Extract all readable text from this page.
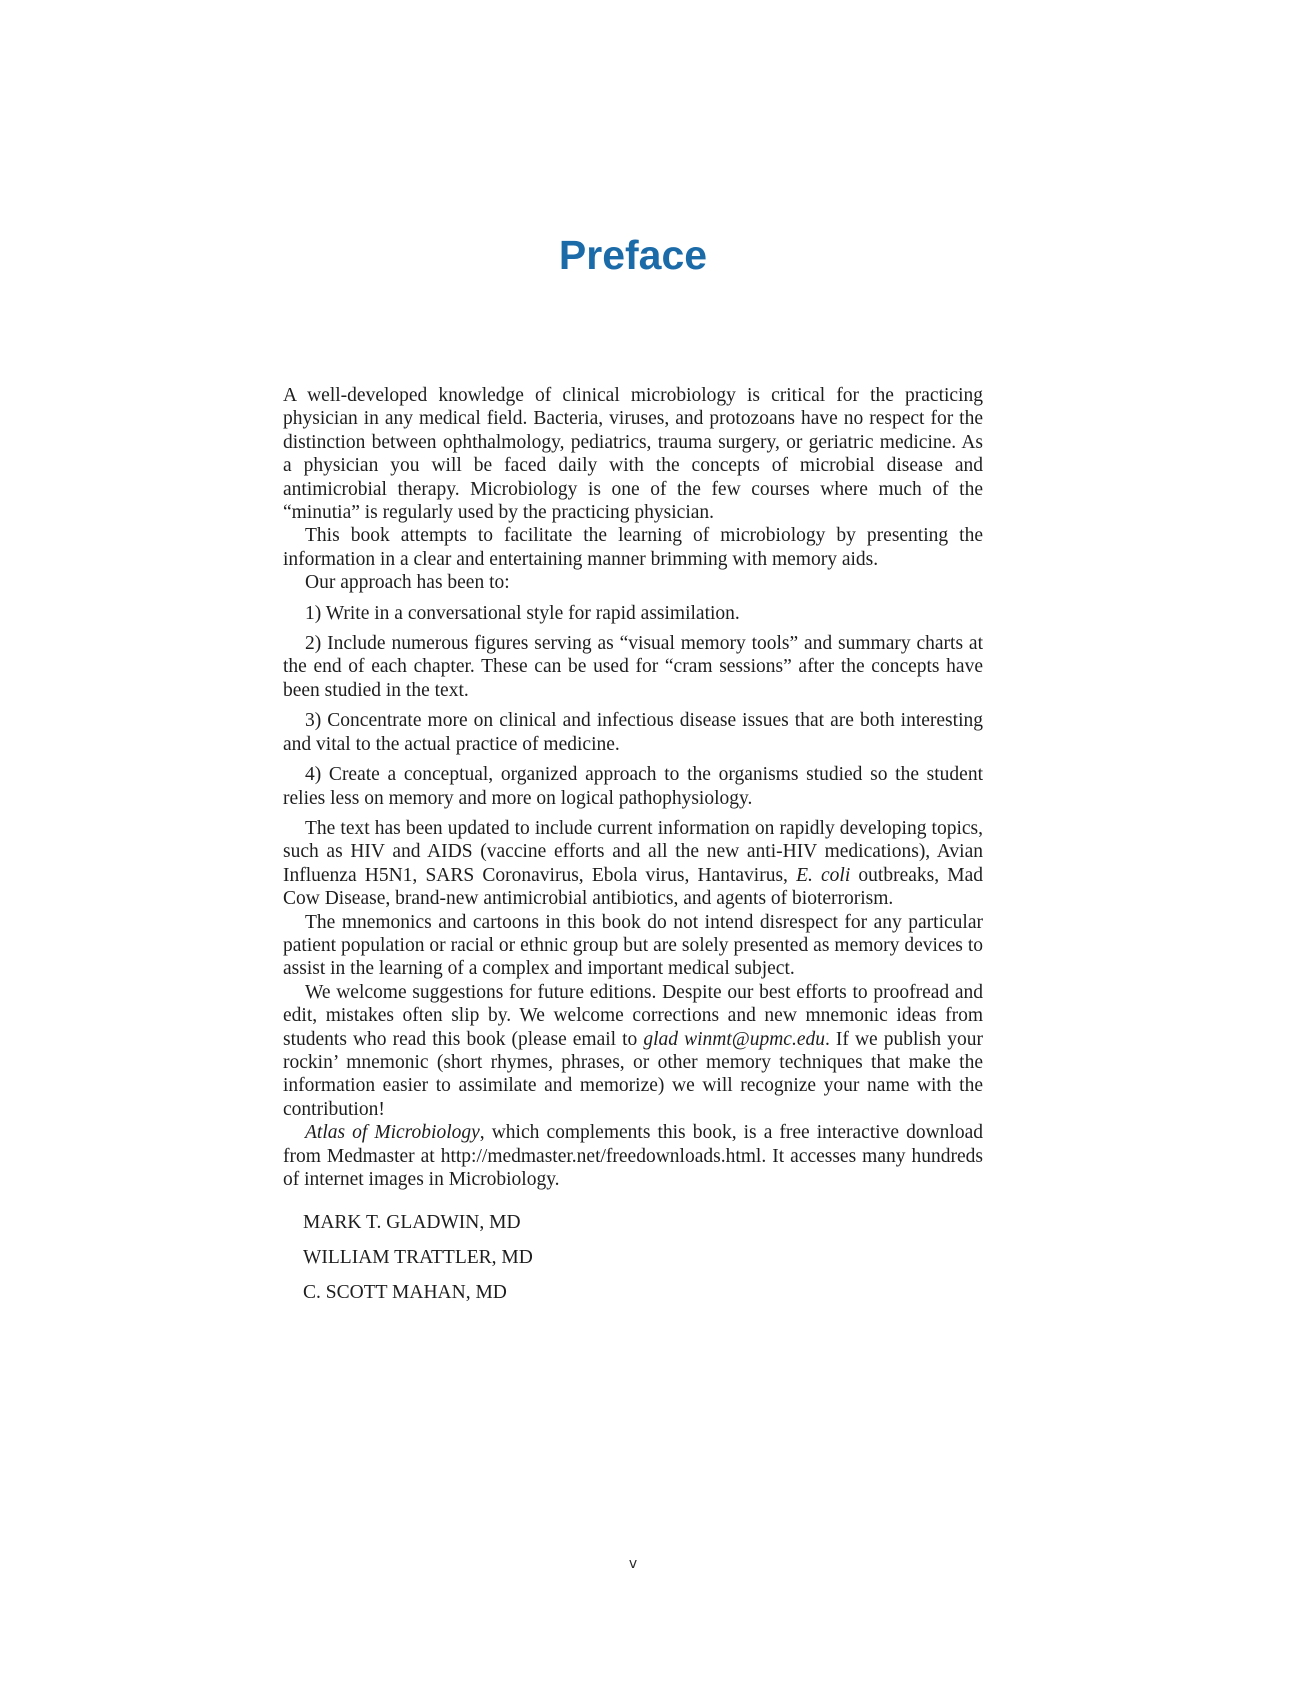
Preface

A well-developed knowledge of clinical microbiology is critical for the practicing physician in any medical field. Bacteria, viruses, and protozoans have no respect for the distinction between ophthalmology, pediatrics, trauma surgery, or geriatric medicine. As a physician you will be faced daily with the concepts of microbial disease and antimicrobial therapy. Microbiology is one of the few courses where much of the “minutia” is regularly used by the practicing physician.

This book attempts to facilitate the learning of microbiology by presenting the information in a clear and entertaining manner brimming with memory aids.

Our approach has been to:

1) Write in a conversational style for rapid assimilation.

2) Include numerous figures serving as “visual memory tools” and summary charts at the end of each chapter. These can be used for “cram sessions” after the concepts have been studied in the text.

3) Concentrate more on clinical and infectious disease issues that are both interesting and vital to the actual practice of medicine.

4) Create a conceptual, organized approach to the organisms studied so the student relies less on memory and more on logical pathophysiology.

The text has been updated to include current information on rapidly developing topics, such as HIV and AIDS (vaccine efforts and all the new anti-HIV medications), Avian Influenza H5N1, SARS Coronavirus, Ebola virus, Hantavirus, E. coli outbreaks, Mad Cow Disease, brand-new antimicrobial antibiotics, and agents of bioterrorism.

The mnemonics and cartoons in this book do not intend disrespect for any particular patient population or racial or ethnic group but are solely presented as memory devices to assist in the learning of a complex and important medical subject.

We welcome suggestions for future editions. Despite our best efforts to proofread and edit, mistakes often slip by. We welcome corrections and new mnemonic ideas from students who read this book (please email to glad winmt@upmc.edu. If we publish your rockin’ mnemonic (short rhymes, phrases, or other memory techniques that make the information easier to assimilate and memorize) we will recognize your name with the contribution!

Atlas of Microbiology, which complements this book, is a free interactive download from Medmaster at http://medmaster.net/freedownloads.html. It accesses many hundreds of internet images in Microbiology.

MARK T. GLADWIN, MD
WILLIAM TRATTLER, MD
C. SCOTT MAHAN, MD
v
